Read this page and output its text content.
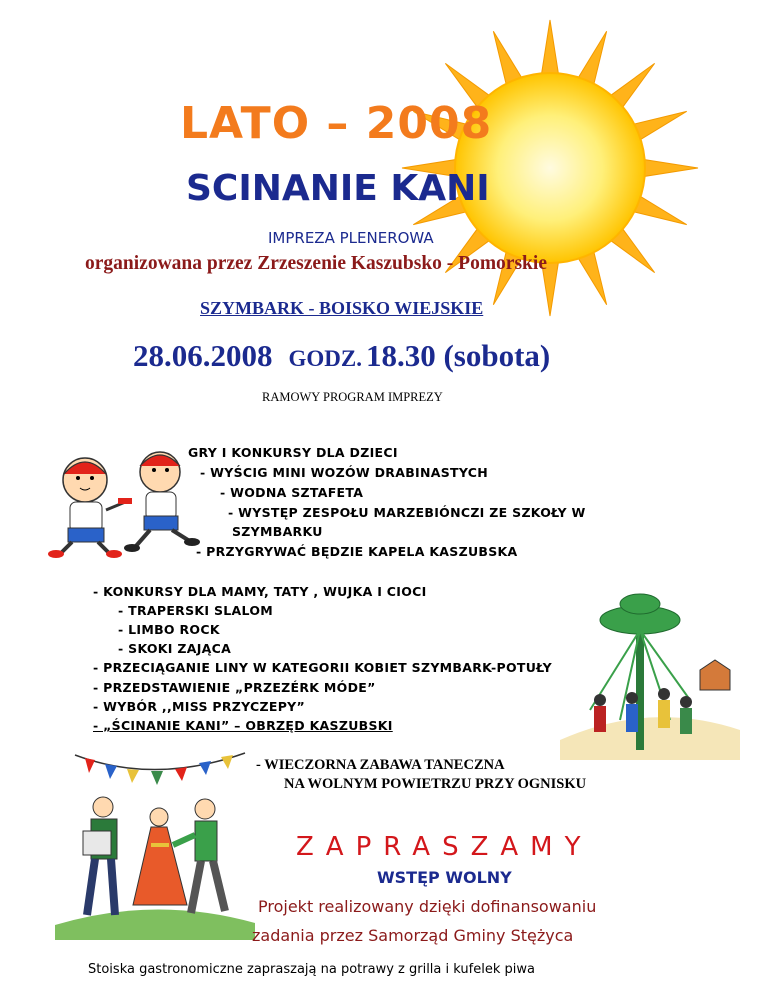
LATO – 2008
SCINANIE KANI
IMPREZA PLENEROWA
organizowana przez Zrzeszenie Kaszubsko - Pomorskie
SZYMBARK - BOISKO WIEJSKIE
28.06.2008 GODZ. 18.30 (sobota)
RAMOWY PROGRAM IMPREZY
GRY I KONKURSY DLA DZIECI
- WYŚCIG MINI WOZÓW DRABINASTYCH
- WODNA SZTAFETA
- WYSTĘP ZESPOŁU MARZEBIÓNCZI ZE SZKOŁY W
SZYMBARKU
- PRZYGRYWAĆ BĘDZIE KAPELA KASZUBSKA
- KONKURSY DLA MAMY, TATY , WUJKA I CIOCI
- TRAPERSKI SLALOM
- LIMBO ROCK
- SKOKI ZAJĄCA
- PRZECIĄGANIE LINY W KATEGORII KOBIET SZYMBARK-POTUŁY
- PRZEDSTAWIENIE „PRZEZÉRK MÓDE”
- WYBÓR ,,MISS PRZYCZEPY”
- „ŚCINANIE KANI” – OBRZĘD KASZUBSKI
- WIECZORNA ZABAWA TANECZNA
NA WOLNYM POWIETRZU PRZY OGNISKU
ZAPRASZAMY
WSTĘP WOLNY
Projekt realizowany dzięki dofinansowaniu
zadania przez Samorząd Gminy Stężyca
Stoiska gastronomiczne zapraszają na potrawy z grilla i kufelek piwa
